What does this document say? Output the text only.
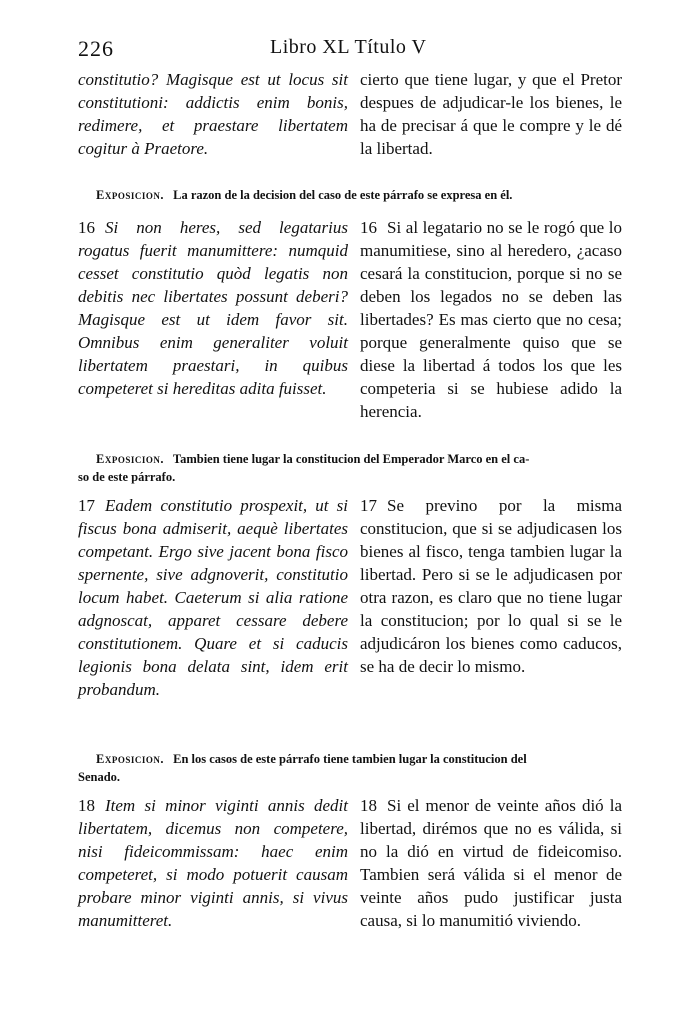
226	Libro XL Título V

constitutio? Magisque est ut locus sit constitutioni: addictis enim bonis, redimere, et praestare libertatem cogitur à Praetore.

cierto que tiene lugar, y que el Pretor despues de adjudicar-le los bienes, le ha de precisar á que le compre y le dé la libertad.

Exposicion. La razon de la decision del caso de este párrafo se expresa en él.

16 Si non heres, sed legatarius rogatus fuerit manumittere: numquid cesset constitutio quòd legatis non debitis nec libertates possunt deberi? Magisque est ut idem favor sit. Omnibus enim generaliter voluit libertatem praestari, in quibus competeret si hereditas adita fuisset.

16 Si al legatario no se le rogó que lo manumitiese, sino al heredero, ¿acaso cesará la constitucion, porque si no se deben los legados no se deben las libertades? Es mas cierto que no cesa; porque generalmente quiso que se diese la libertad á todos los que les competeria si se hubiese adido la herencia.

Exposicion. Tambien tiene lugar la constitucion del Emperador Marco en el ca-
so de este párrafo.

17 Eadem constitutio prospexit, ut si fiscus bona admiserit, aequè libertates competant. Ergo sive jacent bona fisco spernente, sive adgnoverit, constitutio locum habet. Caeterum si alia ratione adgnoscat, apparet cessare debere constitutionem. Quare et si caducis legionis bona delata sint, idem erit probandum.

17 Se previno por la misma constitucion, que si se adjudicasen los bienes al fisco, tenga tambien lugar la libertad. Pero si se le adjudicasen por otra razon, es claro que no tiene lugar la constitucion; por lo qual si se le adjudicáron los bienes como caducos, se ha de decir lo mismo.

Exposicion. En los casos de este párrafo tiene tambien lugar la constitucion del
Senado.

18 Item si minor viginti annis dedit libertatem, dicemus non competere, nisi fideicommissam: haec enim competeret, si modo potuerit causam probare minor viginti annis, si vivus manumitteret.

18 Si el menor de veinte años dió la libertad, dirémos que no es válida, si no la dió en virtud de fideicomiso. Tambien será válida si el menor de veinte años pudo justificar justa causa, si lo manumitió viviendo.
